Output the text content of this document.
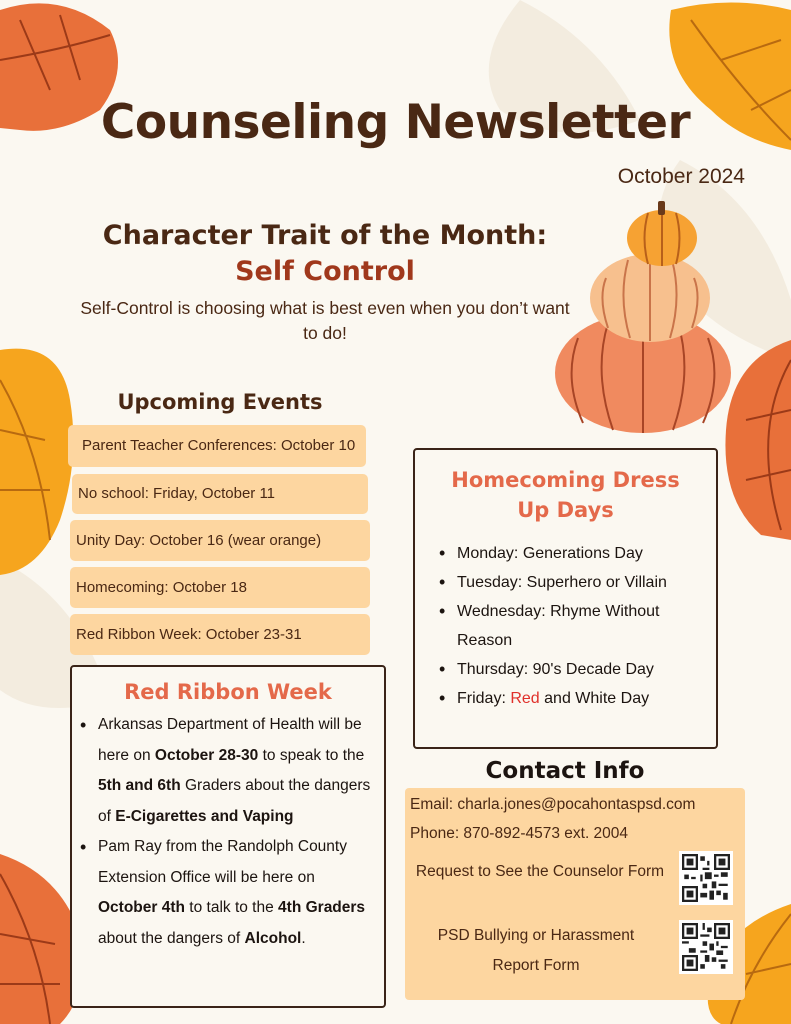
Counseling Newsletter
October 2024
Character Trait of the Month:
Self Control
Self-Control is choosing what is best even when you don’t want to do!
Upcoming Events
Parent Teacher Conferences: October 10
No school: Friday, October 11
Unity Day: October 16 (wear orange)
Homecoming: October 18
Red Ribbon Week: October 23-31
Homecoming Dress Up Days
• Monday: Generations Day
• Tuesday: Superhero or Villain
• Wednesday: Rhyme Without Reason
• Thursday: 90's Decade Day
• Friday: Red and White Day
Red Ribbon Week
• Arkansas Department of Health will be here on October 28-30 to speak to the 5th and 6th Graders about the dangers of E-Cigarettes and Vaping
• Pam Ray from the Randolph County Extension Office will be here on October 4th to talk to the 4th Graders about the dangers of Alcohol.
Contact Info
Email: charla.jones@pocahontaspsd.com
Phone: 870-892-4573 ext. 2004
Request to See the Counselor Form
PSD Bullying or Harassment Report Form
